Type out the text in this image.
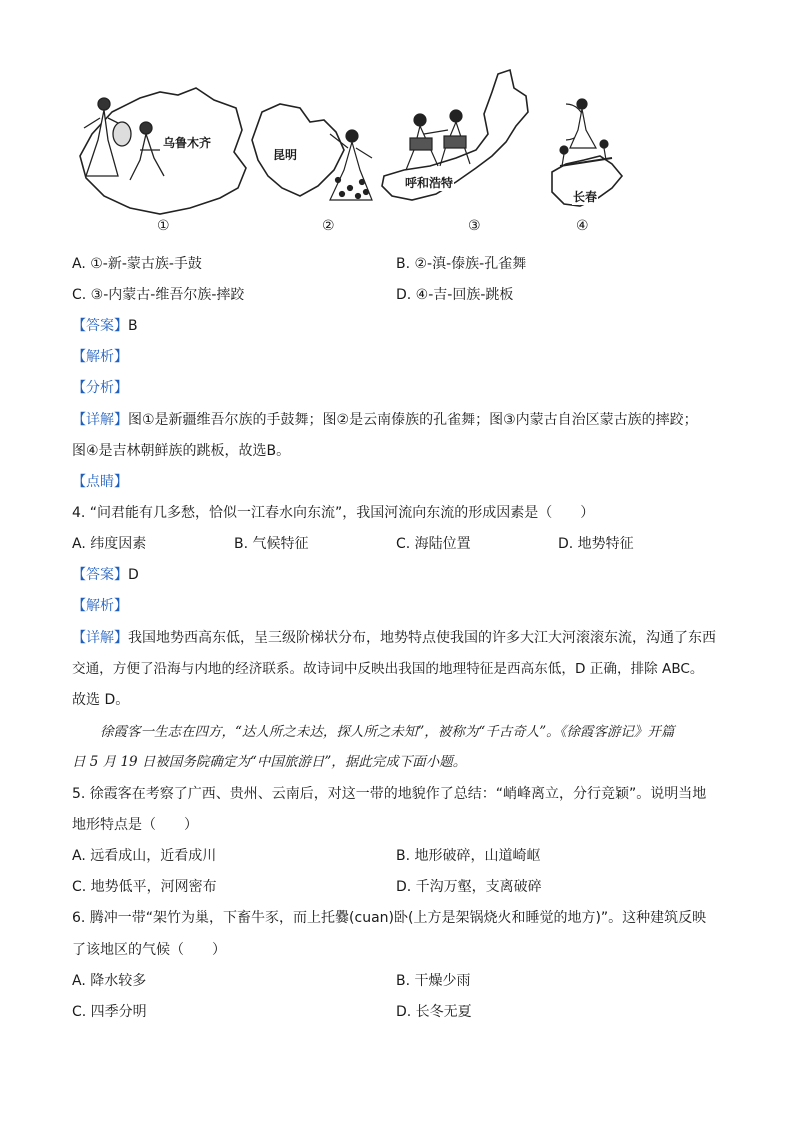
乌鲁木齐
①
昆明
②
呼和浩特
③
长春
④
A. ①-新-蒙古族-手鼓	B. ②-滇-傣族-孔雀舞
C. ③-内蒙古-维吾尔族-摔跤	D. ④-吉-回族-跳板
【答案】B
【解析】
【分析】
【详解】图①是新疆维吾尔族的手鼓舞；图②是云南傣族的孔雀舞；图③内蒙古自治区蒙古族的摔跤；
图④是吉林朝鲜族的跳板，故选B。
【点睛】
4. “问君能有几多愁，恰似一江春水向东流”，我国河流向东流的形成因素是（　　）
A. 纬度因素	B. 气候特征	C. 海陆位置	D. 地势特征
【答案】D
【解析】
【详解】我国地势西高东低，呈三级阶梯状分布，地势特点使我国的许多大江大河滚滚东流，沟通了东西
交通，方便了沿海与内地的经济联系。故诗词中反映出我国的地理特征是西高东低，D 正确，排除 ABC。
故选 D。
徐霞客一生志在四方，“达人所之未达，探人所之未知”，被称为“千古奇人”。《徐霞客游记》开篇
日 5 月 19 日被国务院确定为“中国旅游日”，据此完成下面小题。
5. 徐霞客在考察了广西、贵州、云南后，对这一带的地貌作了总结：“峭峰离立，分行竞颖”。说明当地
地形特点是（　　）
A. 远看成山，近看成川	B. 地形破碎，山道崎岖
C. 地势低平，河网密布	D. 千沟万壑，支离破碎
6. 腾冲一带“架竹为巢，下畜牛豕，而上托爨(cuan)卧(上方是架锅烧火和睡觉的地方)”。这种建筑反映
了该地区的气候（　　）
A. 降水较多	B. 干燥少雨
C. 四季分明	D. 长冬无夏
